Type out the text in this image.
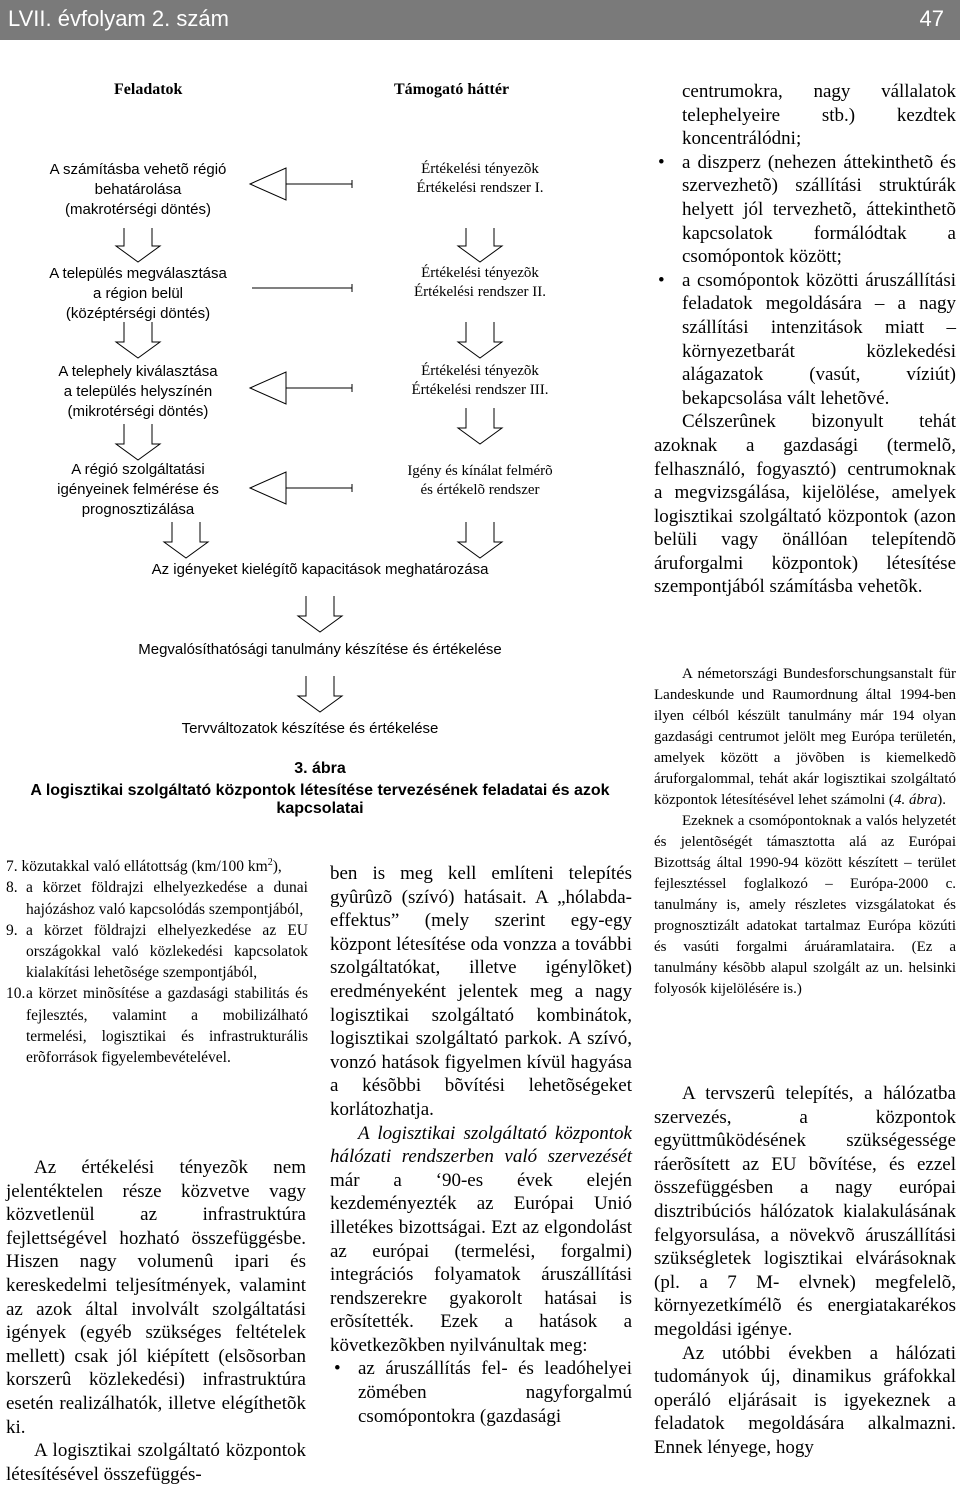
LVII. évfolyam 2. szám	47
Feladatok	Támogató háttér
A számításba vehetõ régió
behatárolása
(makrotérségi döntés)
A település megválasztása
a région belül
(középtérségi döntés)
A telephely kiválasztása
a település helyszínén
(mikrotérségi döntés)
A régió szolgáltatási
igényeinek felmérése és
prognosztizálása
Értékelési tényezõk
Értékelési rendszer I.
Értékelési tényezõk
Értékelési rendszer II.
Értékelési tényezõk
Értékelési rendszer III.
Igény és kínálat felmérõ
és értékelõ rendszer
Az igényeket kielégítõ kapacitások meghatározása
Megvalósíthatósági tanulmány készítése és értékelése
Tervváltozatok készítése és értékelése
3. ábra
A logisztikai szolgáltató központok létesítése tervezésének feladatai és azok kapcsolatai
7. közutakkal való ellátottság (km/100 $km^2$),
8. a körzet földrajzi elhelyezkedése a dunai hajózáshoz való kapcsolódás szempontjából,
9. a körzet földrajzi elhelyezkedése az EU országokkal való közlekedési kapcsolatok kialakítási lehetõsége szempontjából,
10. a körzet minõsítése a gazdasági stabilitás és fejlesztés, valamint a mobilizálható termelési, logisztikai és infrastrukturális erõforrások figyelembevételével.

Az értékelési tényezõk nem jelentéktelen része közvetve vagy közvetlenül az infrastruktúra fejlettségével hozható összefüggésbe. Hiszen nagy volumenû ipari és kereskedelmi teljesítmények, valamint az azok által involvált szolgáltatási igények (egyéb szükséges feltételek mellett) csak jól kiépített (elsõsorban korszerû közlekedési) infrastruktúra esetén realizálhatók, illetve elégíthetõk ki.

A logisztikai szolgáltató központok létesítésével összefüggés-

ben is meg kell említeni telepítés gyûrûzõ (szívó) hatásait. A „hólabda-effektus” (mely szerint egy-egy központ létesítése oda vonzza a további szolgáltatókat, illetve igénylõket) eredményeként jelentek meg a nagy logisztikai szolgáltató kombinátok, logisztikai szolgáltató parkok. A szívó, vonzó hatások figyelmen kívül hagyása a késõbbi bõvítési lehetõségeket korlátozhatja.

A logisztikai szolgáltató központok hálózati rendszerben való szervezését már a ‘90-es évek elején kezdeményezték az Európai Unió illetékes bizottságai. Ezt az elgondolást az európai (termelési, forgalmi) integrációs folyamatok áruszállítási rendszerekre gyakorolt hatásai is erõsítették. Ezek a hatások a következõkben nyilvánultak meg:

• az áruszállítás fel- és leadóhelyei zömében nagyforgalmú csomópontokra (gazdasági
centrumokra, nagy vállalatok telephelyeire stb.) kezdtek koncentrálódni;
• a diszperz (nehezen áttekinthetõ és szervezhetõ) szállítási struktúrák helyett jól tervezhetõ, áttekinthetõ kapcsolatok formálódtak a csomópontok között;
• a csomópontok közötti áruszállítási feladatok megoldására – a nagy szállítási intenzitások miatt – környezetbarát közlekedési alágazatok (vasút, víziút) bekapcsolása vált lehetõvé.

Célszerûnek bizonyult tehát azoknak a gazdasági (termelõ, felhasználó, fogyasztó) centrumoknak a megvizsgálása, kijelölése, amelyek logisztikai szolgáltató központok (azon belüli vagy önállóan telepítendõ áruforgalmi központok) létesítése szempontjából számításba vehetõk.

A németországi Bundesforschungsanstalt für Landeskunde und Raumordnung által 1994-ben ilyen célból készült tanulmány már 194 olyan gazdasági centrumot jelölt meg Európa területén, amelyek között a jövõben is kiemelkedõ áruforgalommal, tehát akár logisztikai szolgáltató központok létesítésével lehet számolni (4. ábra).

Ezeknek a csomópontoknak a valós helyzetét és jelentõségét támasztotta alá az Európai Bizottság által 1990-94 között készített – terület fejlesztéssel foglalkozó – Európa-2000 c. tanulmány is, amely részletes vizsgálatokat és prognosztizált adatokat tartalmaz Európa közúti és vasúti forgalmi áruáramlataira. (Ez a tanulmány késõbb alapul szolgált az un. helsinki folyosók kijelölésére is.)

A tervszerû telepítés, a hálózatba szervezés, a központok együttmûködésének szükségessége ráerõsített az EU bõvítése, és ezzel összefüggésben a nagy európai disztribúciós hálózatok kialakulásának felgyorsulása, a növekvõ áruszállítási szükségletek logisztikai elvárásoknak (pl. a 7 M- elvnek) megfelelõ, környezetkímélõ és energiatakarékos megoldási igénye.

Az utóbbi években a hálózati tudományok új, dinamikus gráfokkal operáló eljárásait is igyekeznek a feladatok megoldására alkalmazni. Ennek lényege, hogy
